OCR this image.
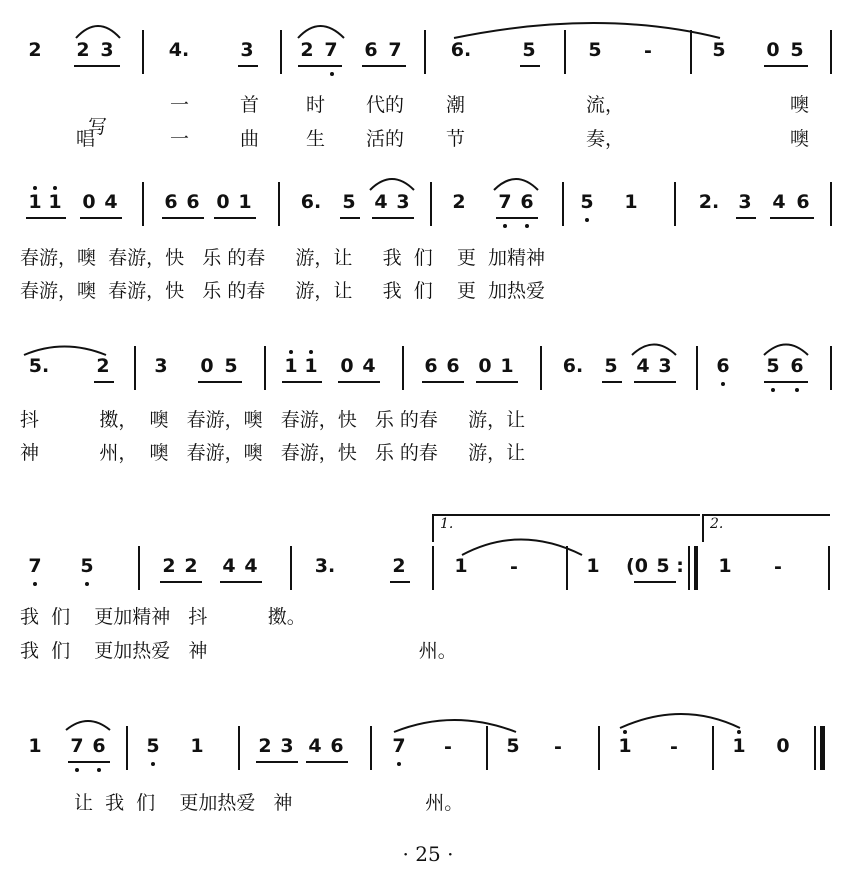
2 2 3	4.	3 2 7 6 7	6.	5	5 -	5 0 5

写

一	首 时 代的 潮	流，	噢
唱	一	曲 生 活的 节	奏，	噢
1 1 0 4 6 6 0 1	6. 5 4 3 2 7 6 5 1	2. 3 4 6
春游，噢  春游，快   乐 的春     游，让     我  们    更  加精神
春游，噢  春游，快   乐 的春     游，让     我  们    更  加热爱
5. 2 3 0 5 1 1 0 4	6 6 0 1	6. 5 4 3 6 5 6
抖          擞，  噢   春游，噢   春游，快   乐 的春     游，让
神          州，  噢   春游，噢   春游，快   乐 的春     游，让
1.	2.
7 5	2 2 4 4	3.	2	1 -	1 (0 5 : 1 -
我  们    更加精神   抖          擞。
我  们    更加热爱   神                                   州。
1 7 6 5 1	2 3 4 6	7 -	5 -	1 -	1 0
让  我  们    更加热爱   神                      州。
· 25 ·
